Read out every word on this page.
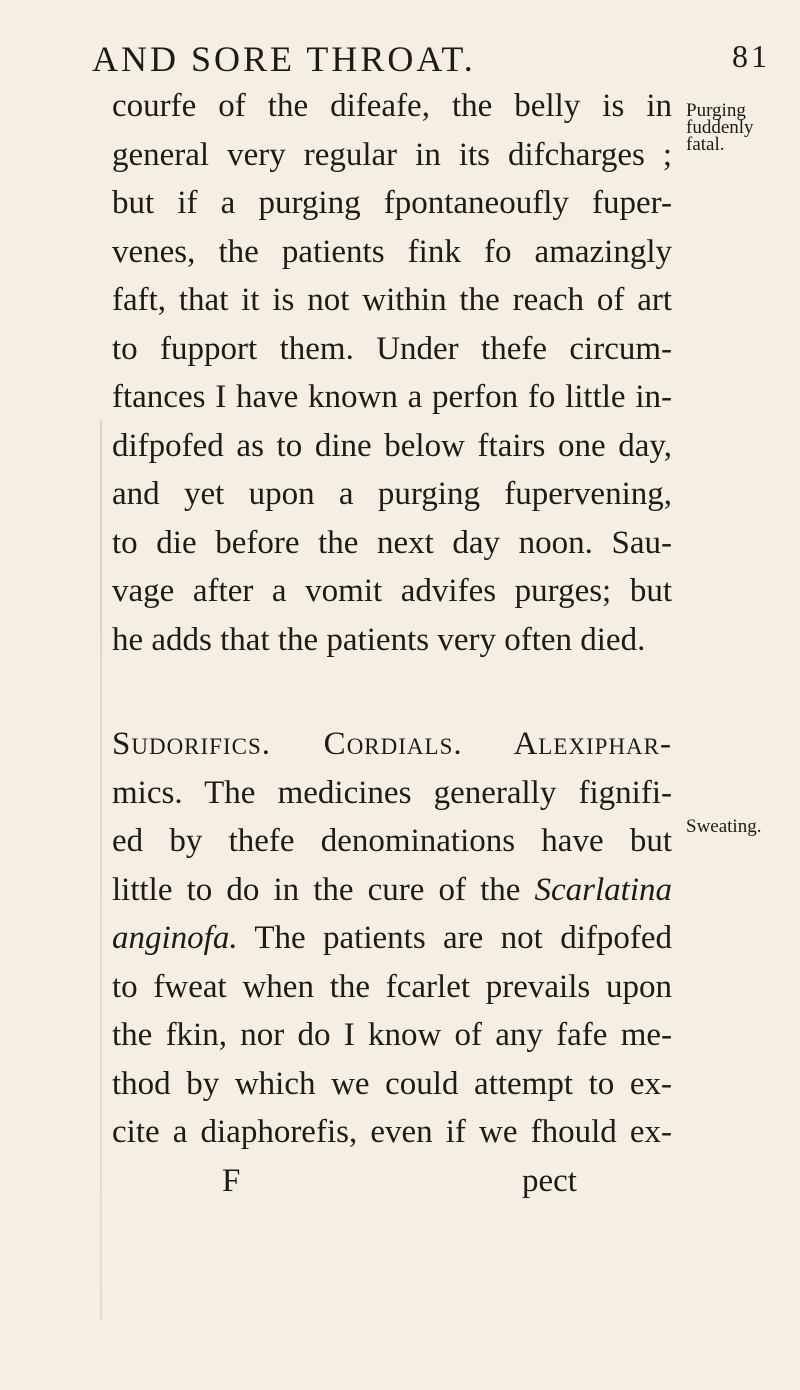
AND SORE THROAT.	81
courfe of the difeafe, the belly is in
general very regular in its difcharges ;
but if a purging fpontaneoufly fuper-
venes, the patients fink fo amazingly
faft, that it is not within the reach of art
to fupport them. Under thefe circum-
ftances I have known a perfon fo little in-
difpofed as to dine below ftairs one day,
and yet upon a purging fupervening,
to die before the next day noon. Sau-
vage after a vomit advifes purges; but
he adds that the patients very often died.
Sudorifics. Cordials. Alexiphar-
mics. The medicines generally fignifi-
ed by thefe denominations have but
little to do in the cure of the Scarlatina
anginofa. The patients are not difpofed
to fweat when the fcarlet prevails upon
the fkin, nor do I know of any fafe me-
thod by which we could attempt to ex-
cite a diaphorefis, even if we fhould ex-
F	pect
Purging
fuddenly
fatal.
Sweating.
